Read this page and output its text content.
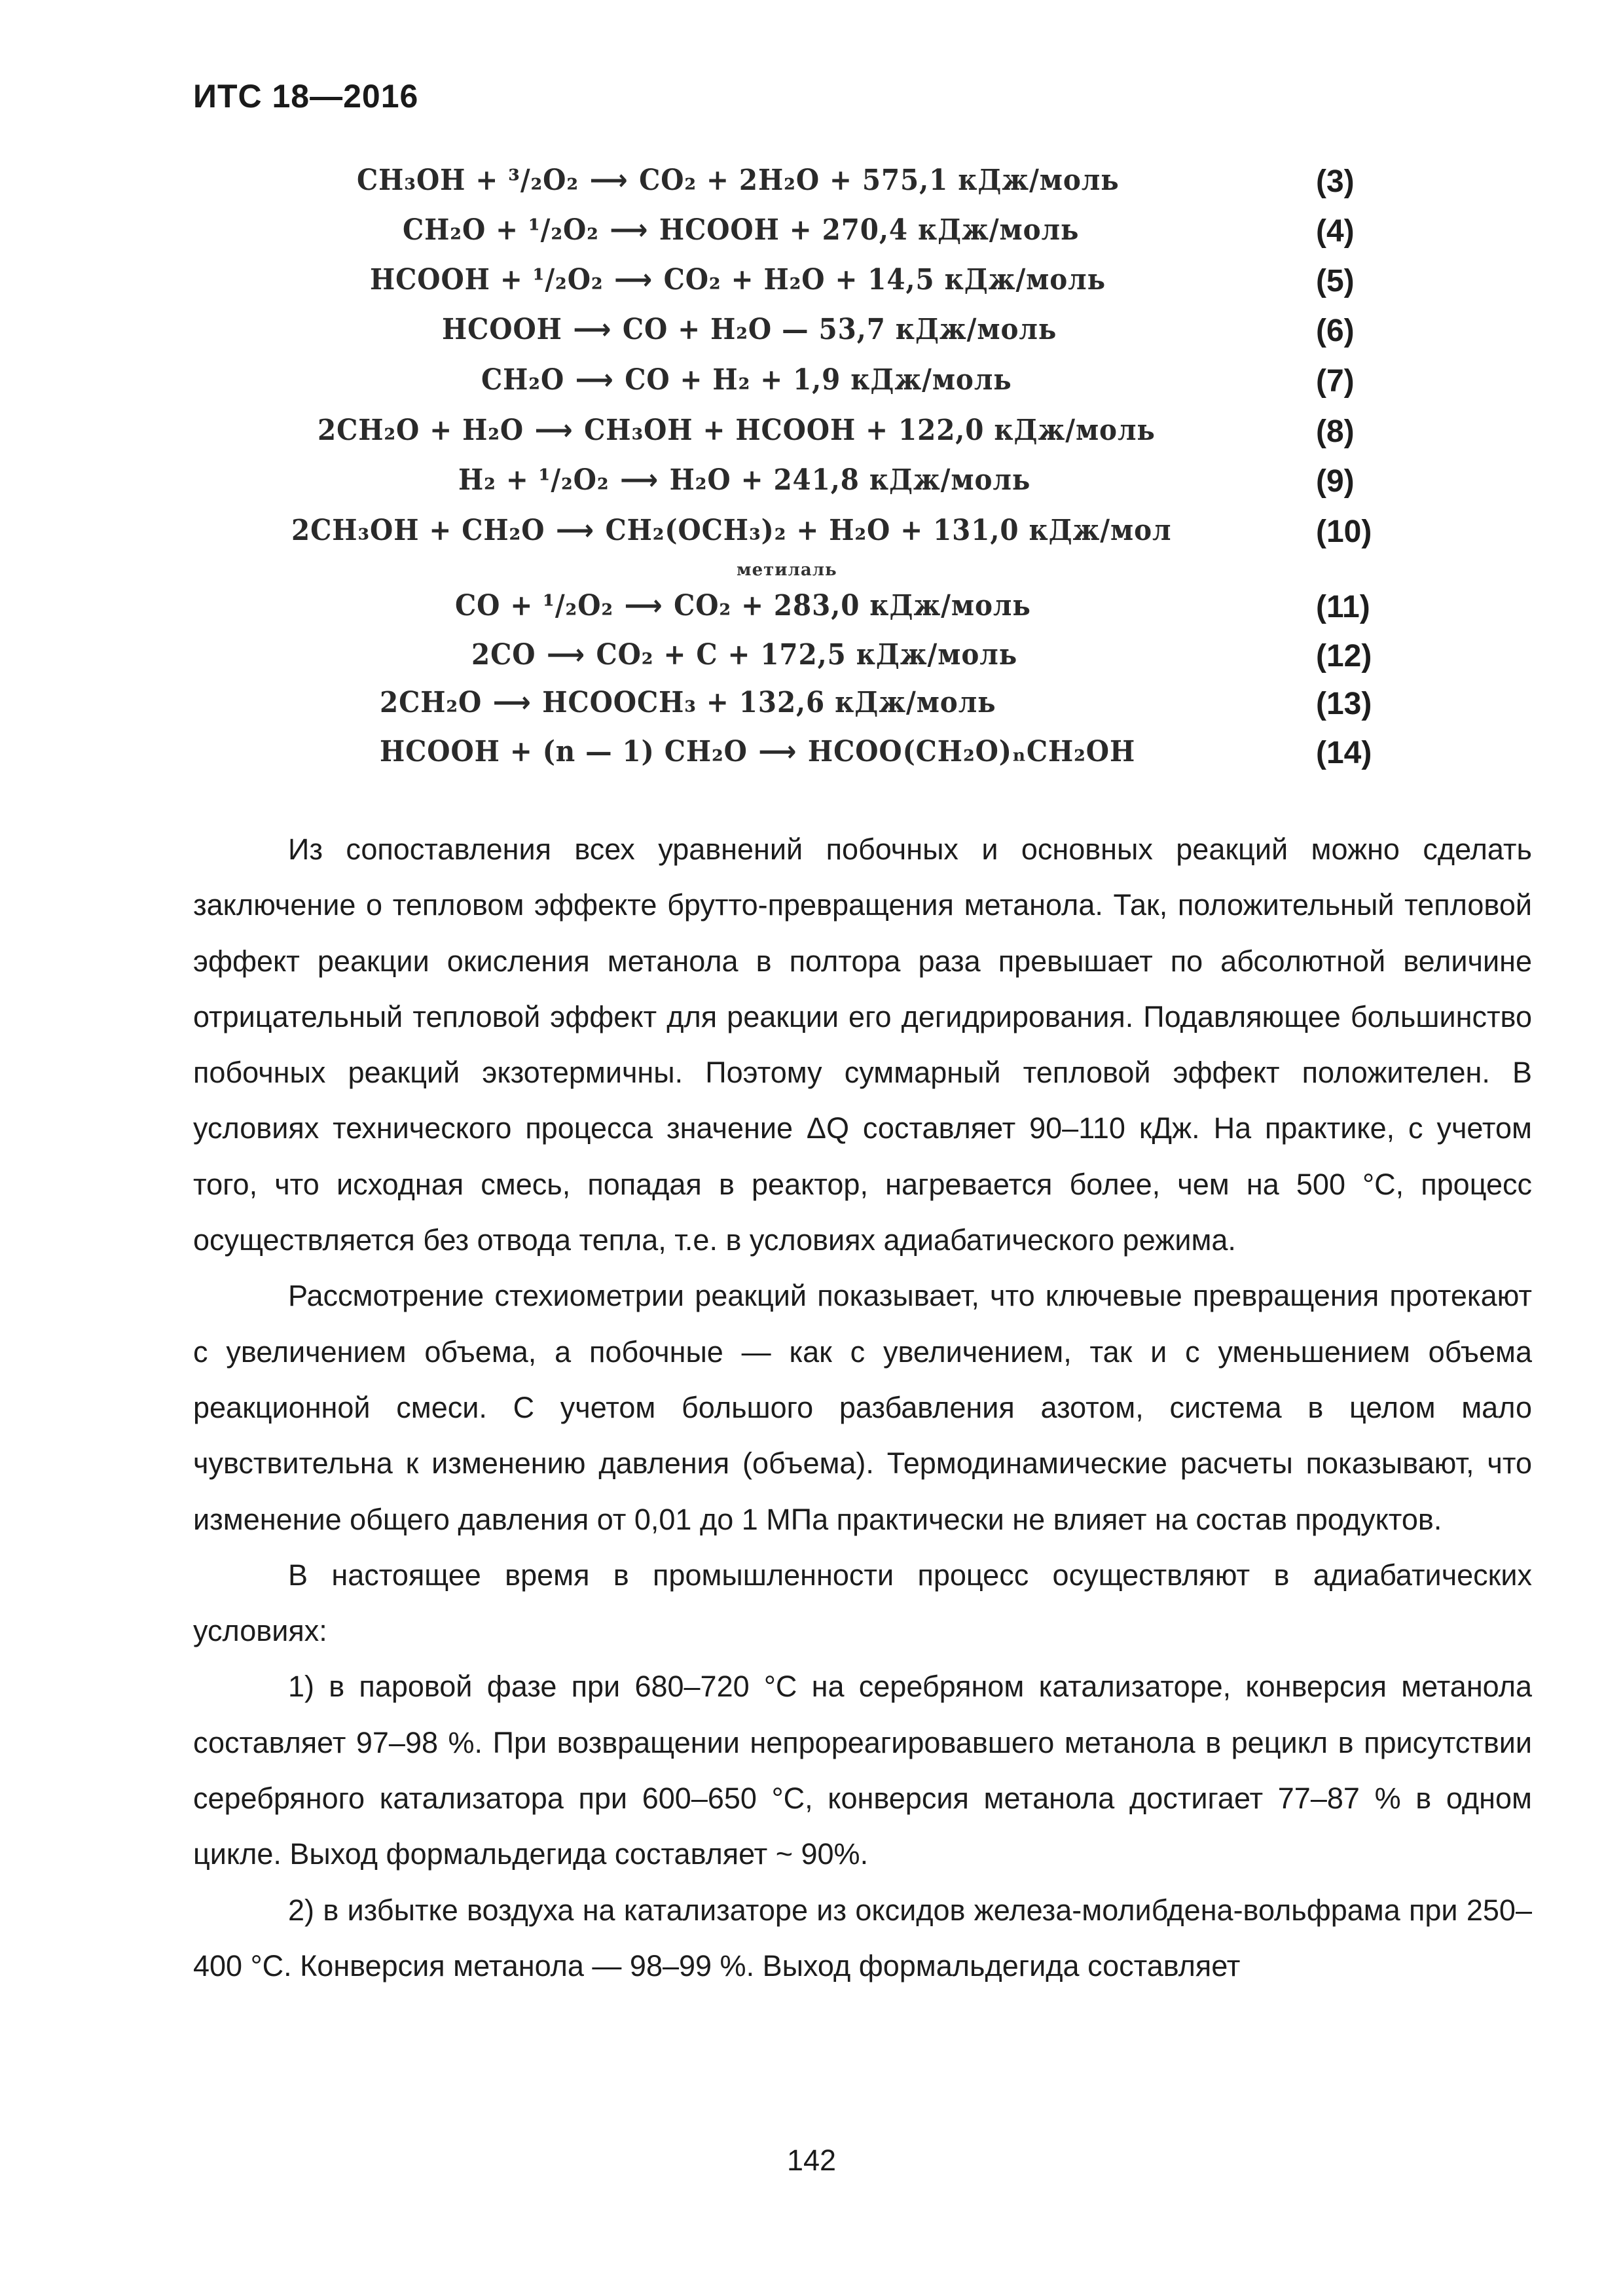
ИТС 18—2016
CH₃OH + ³/₂O₂ ⟶ CO₂ + 2H₂O + 575,1 кДж/моль	(3)
CH₂O + ¹/₂O₂ ⟶ HCOOH + 270,4 кДж/моль	(4)
HCOOH + ¹/₂O₂ ⟶ CO₂ + H₂O + 14,5 кДж/моль	(5)
HCOOH ⟶ CO + H₂O — 53,7 кДж/моль	(6)
CH₂O ⟶ CO + H₂ + 1,9 кДж/моль	(7)
2CH₂O + H₂O ⟶ CH₃OH + HCOOH + 122,0 кДж/моль	(8)
H₂ + ¹/₂O₂ ⟶ H₂O + 241,8 кДж/моль	(9)
2CH₃OH + CH₂O ⟶ CH₂(OCH₃)₂ + H₂O + 131,0 кДж/мол	(10)
CO + ¹/₂O₂ ⟶ CO₂ + 283,0 кДж/моль	(11)
2CO ⟶ CO₂ + C + 172,5 кДж/моль	(12)
2CH₂O ⟶ HCOOCH₃ + 132,6 кДж/моль	(13)
HCOOH + (n — 1) CH₂O ⟶ HCOO(CH₂O)ₙCH₂OH	(14)
метилаль

Из сопоставления всех уравнений побочных и основных реакций можно сделать заключение о тепловом эффекте брутто-превращения метанола. Так, положительный тепловой эффект реакции окисления метанола в полтора раза превышает по абсолютной величине отрицательный тепловой эффект для реакции его дегидрирования. Подавляющее большинство побочных реакций экзотермичны. Поэтому суммарный тепловой эффект положителен. В условиях технического процесса значение ΔQ составляет 90–110 кДж. На практике, с учетом того, что исходная смесь, попадая в реактор, нагревается более, чем на 500 °С, процесс осуществляется без отвода тепла, т.е. в условиях адиабатического режима.

Рассмотрение стехиометрии реакций показывает, что ключевые превращения протекают с увеличением объема, а побочные — как с увеличением, так и с уменьшением объема реакционной смеси. С учетом большого разбавления азотом, система в целом мало чувствительна к изменению давления (объема). Термодинамические расчеты показывают, что изменение общего давления от 0,01 до 1 МПа практически не влияет на состав продуктов.

В настоящее время в промышленности процесс осуществляют в адиабатических условиях:

1) в паровой фазе при 680–720 °С на серебряном катализаторе, конверсия метанола составляет 97–98 %. При возвращении непрореагировавшего метанола в рецикл в присутствии серебряного катализатора при 600–650 °С, конверсия метанола достигает 77–87 % в одном цикле. Выход формальдегида составляет ~ 90%.

2) в избытке воздуха на катализаторе из оксидов железа-молибдена-вольфрама при 250–400 °С. Конверсия метанола — 98–99 %. Выход формальдегида составляет

142
